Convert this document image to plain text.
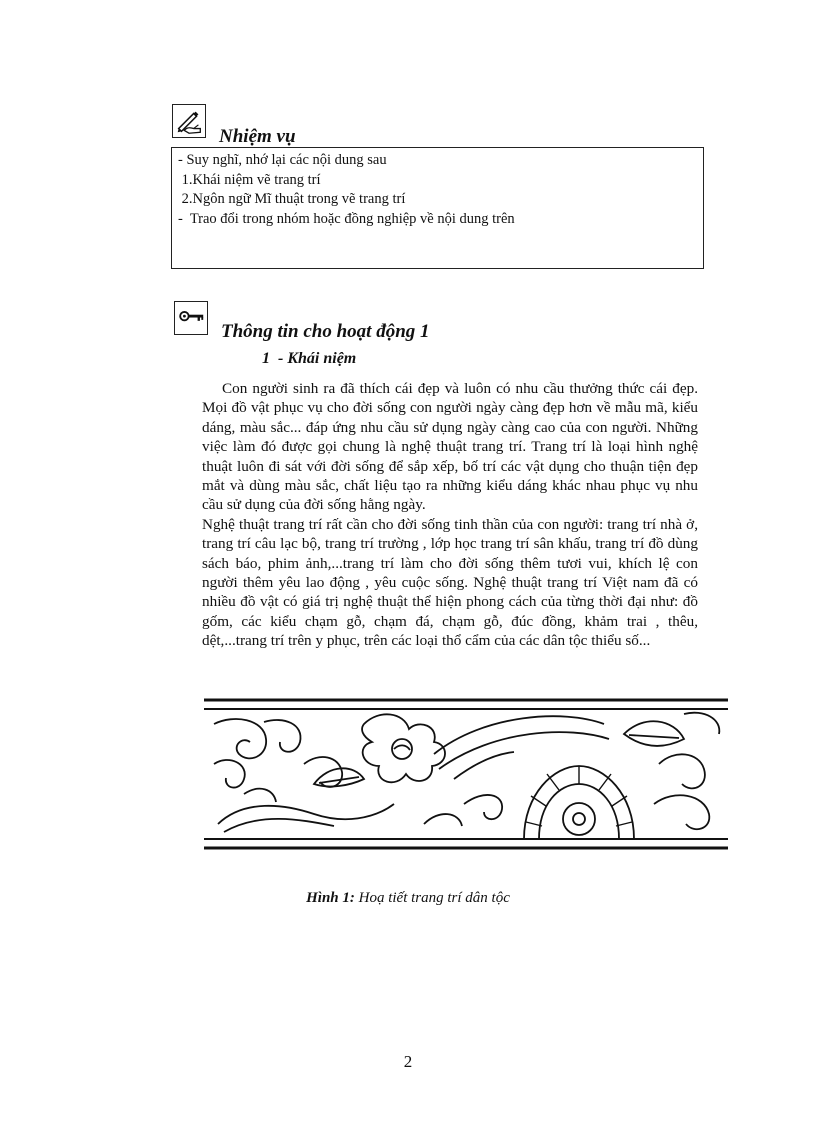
Nhiệm vụ
- Suy nghĩ, nhớ lại các nội dung sau
1.Khái niệm vẽ trang trí
2.Ngôn ngữ Mĩ thuật trong vẽ trang trí
-  Trao đổi trong nhóm hoặc đồng nghiệp về nội dung trên
Thông tin cho hoạt động 1
1  - Khái niệm

Con người sinh ra đã thích cái đẹp và luôn có nhu cầu thưởng thức cái đẹp. Mọi đồ vật phục vụ cho đời sống con người ngày càng đẹp hơn về mẫu mã, kiểu dáng, màu sắc... đáp ứng nhu cầu sử dụng ngày càng cao của con người. Những việc làm đó được gọi chung là nghệ thuật trang trí. Trang trí là loại hình nghệ thuật luôn đi sát với đời sống để sắp xếp, bố trí các vật dụng cho thuận tiện đẹp mắt và dùng màu sắc, chất liệu tạo ra những kiểu dáng khác nhau phục vụ nhu cầu sử dụng của đời sống hằng ngày.

Nghệ thuật trang trí rất cần cho đời sống tinh thần của con người: trang trí nhà ở, trang trí câu lạc bộ, trang trí trường , lớp học trang trí sân khấu, trang trí đồ dùng sách báo, phim ảnh,...trang trí làm cho đời sống thêm tươi vui, khích lệ con người thêm yêu lao động , yêu cuộc sống. Nghệ thuật trang trí Việt nam đã có nhiều đồ vật có giá trị nghệ thuật thể hiện phong cách của từng thời đại như: đồ gốm, các kiểu chạm gỗ, chạm đá, chạm gỗ, đúc đồng, khảm trai , thêu, dệt,...trang trí trên y phục, trên các loại thổ cẩm của các dân tộc thiểu số...

Hình 1: Hoạ tiết trang trí dân tộc
2
